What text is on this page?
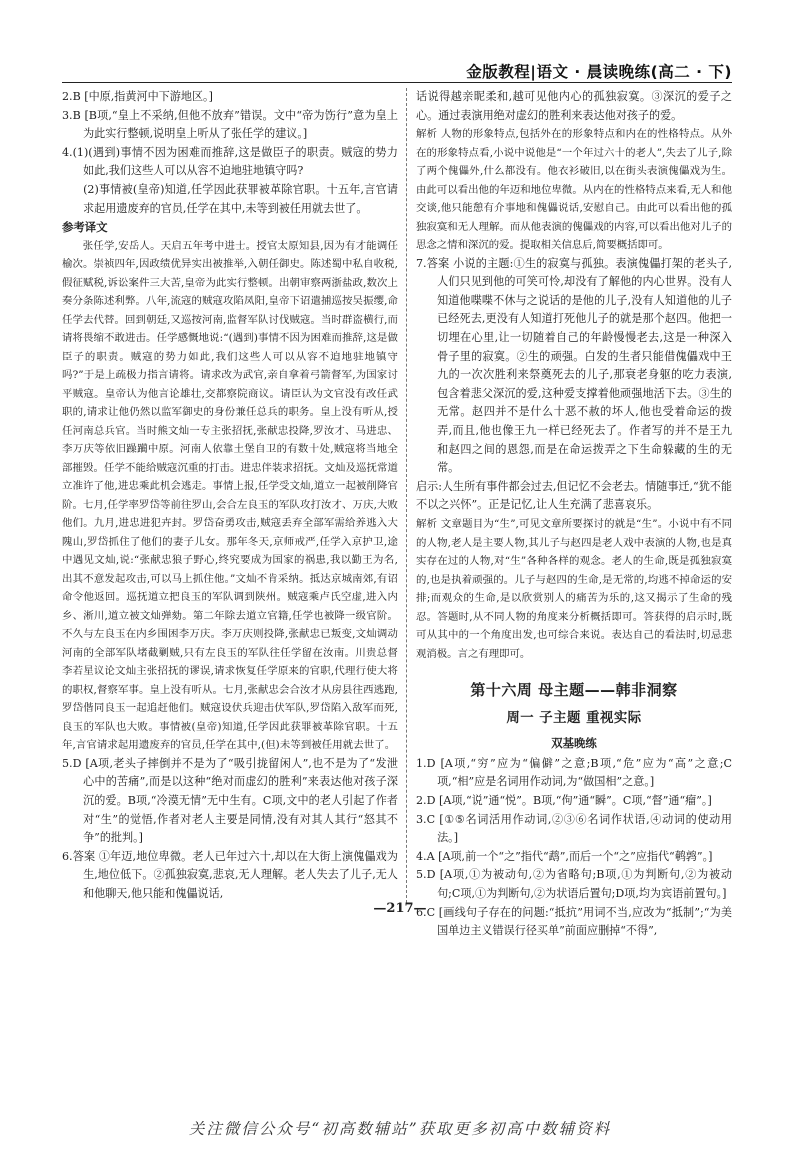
金版教程|语文 · 晨读晚练(高二 · 下)

2.B [中原,指黄河中下游地区。]

3.B [B项,“皇上不采纳,但他不放弃”错误。文中“帝为饬行”意为皇上为此实行整顿,说明皇上听从了张任学的建议。]

4.(1)(遇到)事情不因为困难而推辞,这是做臣子的职责。贼寇的势力如此,我们这些人可以从容不迫地驻地镇守吗?

(2)事情被(皇帝)知道,任学因此获罪被革除官职。十五年,言官请求起用遗废弃的官员,任学在其中,未等到被任用就去世了。

参考译文

张任学,安岳人。天启五年考中进士。授官太原知县,因为有才能调任榆次。崇祯四年,因政绩优异实出被推举,入朝任御史。陈述蜀中私自收税,假征赋税,诉讼案件三大苦,皇帝为此实行整顿。出朝审察两浙盐政,数次上奏分条陈述利弊。八年,流寇的贼寇攻陷凤阳,皇帝下诏遣捕巡按吴振缨,命任学去代替。回到朝廷,又巡按河南,监督军队讨伐贼寇。当时群盗横行,而请将畏缩不敢进击。任学感慨地说:“(遇到)事情不因为困难而推辞,这是做臣子的职责。贼寇的势力如此,我们这些人可以从容不迫地驻地镇守吗?”于是上疏极力指言请将。请求改为武官,亲自拿着弓箭督军,为国家讨平贼寇。皇帝认为他言论雄壮,交都察院商议。请臣认为文官没有改任武职的,请求让他仍然以监军御史的身份兼任总兵的职务。皇上没有听从,授任河南总兵官。当时熊文灿一专主张招抚,张献忠投降,罗汝才、马进忠、李万庆等依旧躁躏中原。河南人依靠土堡自卫的有数十处,贼寇将当地全部摧毁。任学不能给贼寇沉重的打击。进忠伴装求招抚。文灿及巡抚常道立准许了他,进忠乘此机会逃走。事情上报,任学受文灿,道立一起被削降官阶。七月,任学率罗岱等前往罗山,会合左良玉的军队攻打汝才、万庆,大败他们。九月,进忠进犯卉封。罗岱奋勇攻击,贼寇丢弃全部军需给养逃入大隗山,罗岱抓住了他们的妻子儿女。那年冬天,京师戒严,任学入京护卫,途中遇见文灿,说:“张献忠狼子野心,终究要成为国家的祸患,我以勤王为名,出其不意发起攻击,可以马上抓住他。”文灿不肯采纳。抵达京城南郊,有诏命令他返回。巡抚道立把良玉的军队调到陕州。贼寇乘卢氏空虚,进入内乡、淅川,道立被文灿弹劾。第二年除去道立官籍,任学也被降一级官阶。不久与左良玉在内乡围困李万庆。李万庆则投降,张献忠已叛变,文灿调动河南的全部军队堵截剿贼,只有左良玉的军队往任学留在汝南。川贵总督李若星议论文灿主张招抚的谬误,请求恢复任学原来的官职,代理行使大将的职权,督察军事。皇上没有听从。七月,张献忠会合汝才从房县往西逃跑,罗岱偕同良玉一起追赶他们。贼寇设伏兵迎击伏军队,罗岱陷入敌军而死,良玉的军队也大败。事情被(皇帝)知道,任学因此获罪被革除官职。十五年,言官请求起用遗废弃的官员,任学在其中,(但)未等到被任用就去世了。

5.D [A项,老头子摔倒并不是为了“吸引拢留闲人”,也不是为了“发泄心中的苦痛”,而是以这种“绝对而虚幻的胜利”来表达他对孩子深沉的爱。B项,“冷漠无情”无中生有。C项,文中的老人引起了作者对“生”的觉悟,作者对老人主要是同情,没有对其人其行“怒其不争”的批判。]

6.答案 ①年迈,地位卑微。老人已年过六十,却以在大街上演傀儡戏为生,地位低下。②孤独寂寞,悲哀,无人理解。老人失去了儿子,无人和他聊天,他只能和傀儡说话,

话说得越亲昵柔和,越可见他内心的孤独寂寞。③深沉的爱子之心。通过表演用绝对虚幻的胜利来表达他对孩子的爱。

解析 人物的形象特点,包括外在的形象特点和内在的性格特点。从外在的形象特点看,小说中说他是“一个年过六十的老人”,失去了儿子,除了两个傀儡外,什么都没有。他衣衫破旧,以在街头表演傀儡戏为生。由此可以看出他的年迈和地位卑微。从内在的性格特点来看,无人和他交谈,他只能憩有介事地和傀儡说话,安慰自己。由此可以看出他的孤独寂寞和无人理解。而从他表演的傀儡戏的内容,可以看出他对儿子的思念之情和深沉的爱。提取相关信息后,简要概括即可。

7.答案 小说的主题:①生的寂寞与孤独。表演傀儡打架的老头子,人们只见到他的可笑可怜,却没有了解他的内心世界。没有人知道他喋喋不休与之说话的是他的儿子,没有人知道他的儿子已经死去,更没有人知道打死他儿子的就是那个赵四。他把一切埋在心里,让一切随着自己的年龄慢慢老去,这是一种深入骨子里的寂寞。②生的顽强。白发的生者只能借傀儡戏中王九的一次次胜利来祭奠死去的儿子,那衰老身躯的吃力表演,包含着悲父深沉的爱,这种爱支撑着他顽强地活下去。③生的无常。赵四并不是什么十恶不赦的坏人,他也受着命运的拨弄,而且,他也像王九一样已经死去了。作者写的并不是王九和赵四之间的恩怨,而是在命运拨弄之下生命躲藏的生的无常。

启示:人生所有事件都会过去,但记忆不会老去。情随事迁,“犹不能不以之兴怀”。正是记忆,让人生充满了悲喜哀乐。

解析 文章题目为“生”,可见文章所要探讨的就是“生”。小说中有不同的人物,老人是主要人物,其儿子与赵四是老人戏中表演的人物,也是真实存在过的人物,对“生”各种各样的观念。老人的生命,既是孤独寂寞的,也是执着顽强的。儿子与赵四的生命,是无常的,均逃不掉命运的安排;而观众的生命,是以欣赏别人的痛苦为乐的,这又揭示了生命的残忍。答题时,从不同人物的角度来分析概括即可。答获得的启示时,既可从其中的一个角度出发,也可综合来说。表达自己的看法时,切忌悲观消极。言之有理即可。

第十六周 母主题——韩非洞察
周一 子主题 重视实际
双基晚练

1.D [A项,“穷”应为“偏僻”之意;B项,“危”应为“高”之意;C项,“相”应是名词用作动词,为“做国相”之意。]

2.D [A项,“说”通“悦”。B项,“佝”通“瞬”。C项,“督”通“瘤”。]

3.C [①⑤名词活用作动词,②③⑥名词作状语,④动词的使动用法。]

4.A [A项,前一个“之”指代“鹉”,而后一个“之”应指代“鹌鹑”。]

5.D [A项,①为被动句,②为省略句;B项,①为判断句,②为被动句;C项,①为判断句,②为状语后置句;D项,均为宾语前置句。]

6.C [画线句子存在的问题:“抵抗”用词不当,应改为“抵制”;“为美国单边主义错误行径买单”前面应删掉“不得”,

—217—
关注微信公众号“初高数辅站”获取更多初高中数辅资料
